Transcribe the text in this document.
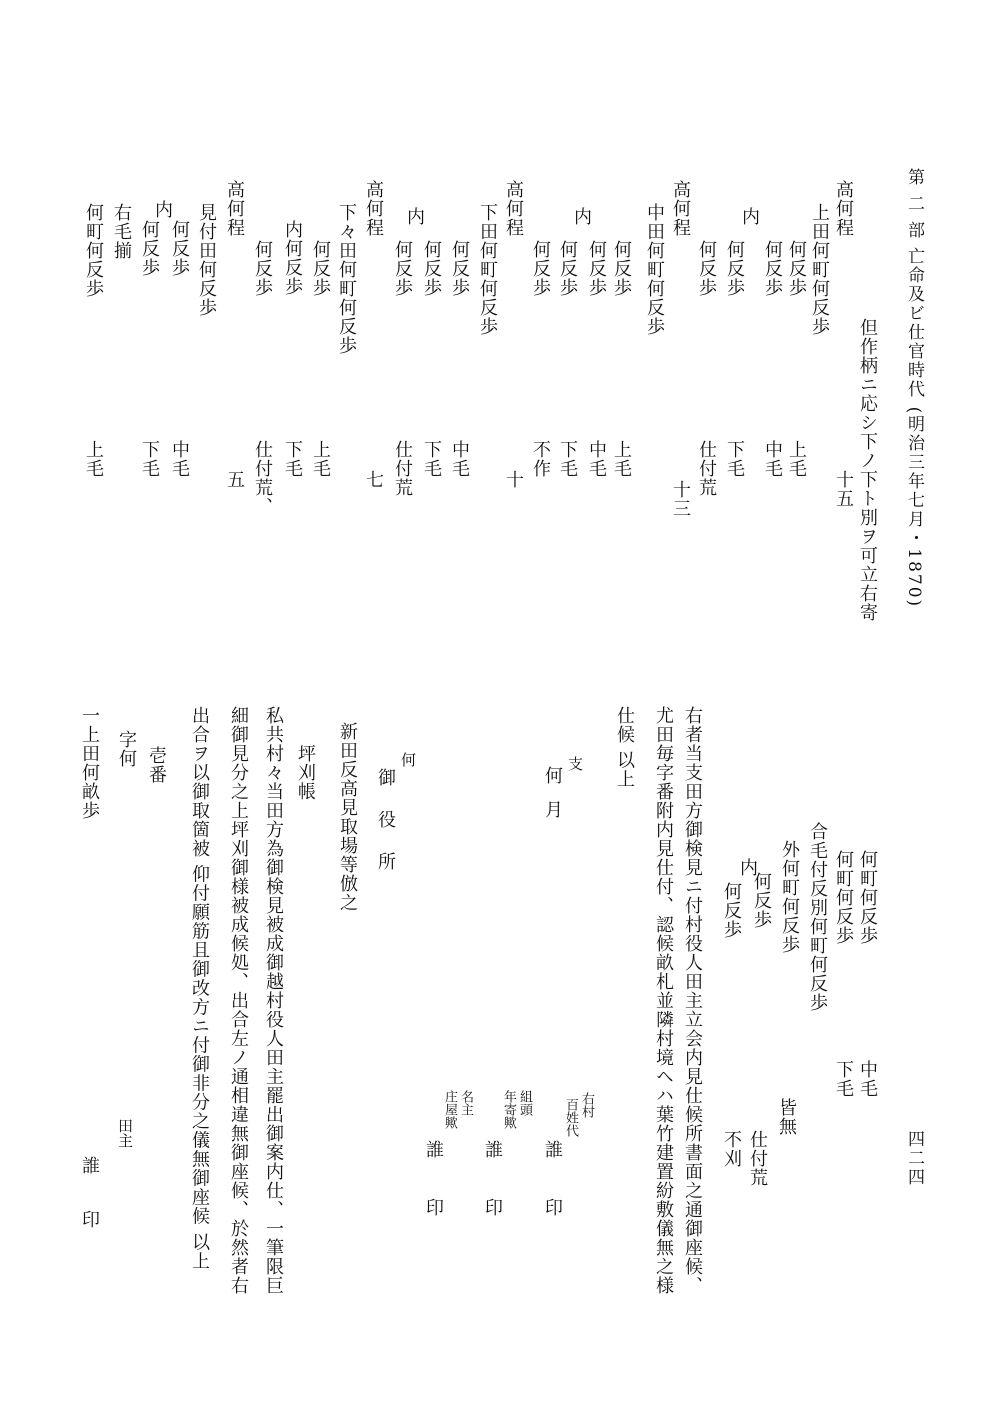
第 二 部 亡命及ビ仕官時代 (明治三年七月・1870)
四二四
但作柄ニ応シ下ノ下ト別ヲ可立右寄
高何程
十五
上田何町何反歩
何反歩
上毛
内
何反歩
中毛
何反歩
下毛
何反歩
仕付荒
高何程
十三
中田何町何反歩
何反歩
上毛
内
何反歩
中毛
何反歩
下毛
何反歩
不作
高何程
十
下田何町何反歩
何反歩
中毛
内
何反歩
下毛
何反歩
仕付荒
高何程
七
下々田何町何反歩
何反歩
上毛
内何反歩
下毛
何反歩
仕付荒、
高何程
五
見付田何反歩
内
何反歩
中毛
何反歩
下毛
右毛揃
何町何反歩
上毛
何町何反歩
中毛
何町何反歩
下毛
合毛付反別何町何反歩
皆無
外何町何反歩
何反歩
仕付荒
内
何反歩
不刈
右者当支田方御検見ニ付村役人田主立会内見仕候所書面之通御座候、
尤田毎字番附内見仕付、認候畝札並隣村境ヘハ葉竹建置紛敷儀無之様
仕候 以上
支
何
月
右村
百姓代
誰
印
組頭
年寄歟
誰
印
名主
庄屋歟
誰
印
何
御
役
所
新田反高見取場等倣之
坪刈帳
私共村々当田方為御検見被成御越村役人田主罷出御案内仕、一筆限巨
細御見分之上坪刈御様被成候処、出合左ノ通相違無御座候、於然者右
出合ヲ以御取箇被 仰付願筋且御改方ニ付御非分之儀無御座候 以上
壱番
字何
田主
一上田何畝歩
誰
印
